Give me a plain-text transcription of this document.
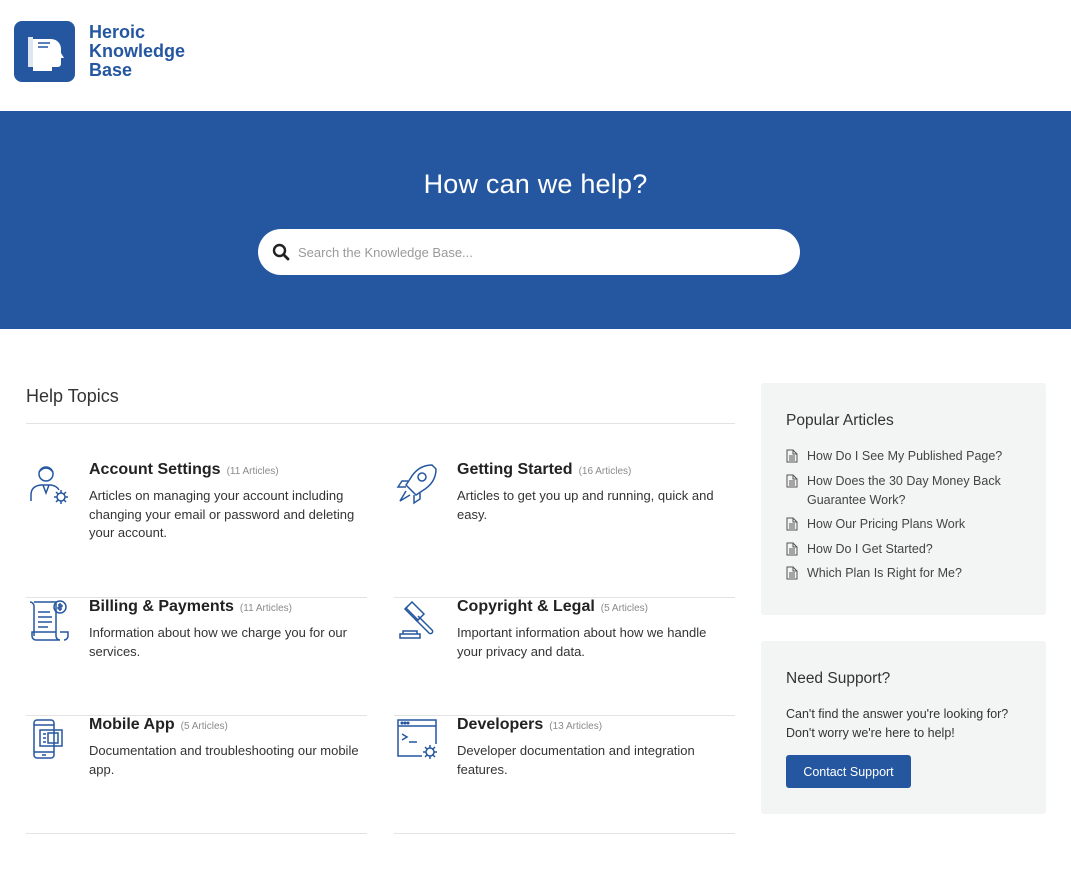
Heroic
Knowledge
Base
How can we help?
Search the Knowledge Base...
Help Topics
Account Settings (11 Articles)
Articles on managing your account including changing your email or password and deleting your account.
Getting Started (16 Articles)
Articles to get you up and running, quick and easy.
Billing & Payments (11 Articles)
Information about how we charge you for our services.
Copyright & Legal (5 Articles)
Important information about how we handle your privacy and data.
Mobile App (5 Articles)
Documentation and troubleshooting our mobile app.
Developers (13 Articles)
Developer documentation and integration features.
Popular Articles
How Do I See My Published Page?
How Does the 30 Day Money Back Guarantee Work?
How Our Pricing Plans Work
How Do I Get Started?
Which Plan Is Right for Me?
Need Support?

Can't find the answer you're looking for? Don't worry we're here to help!

Contact Support
